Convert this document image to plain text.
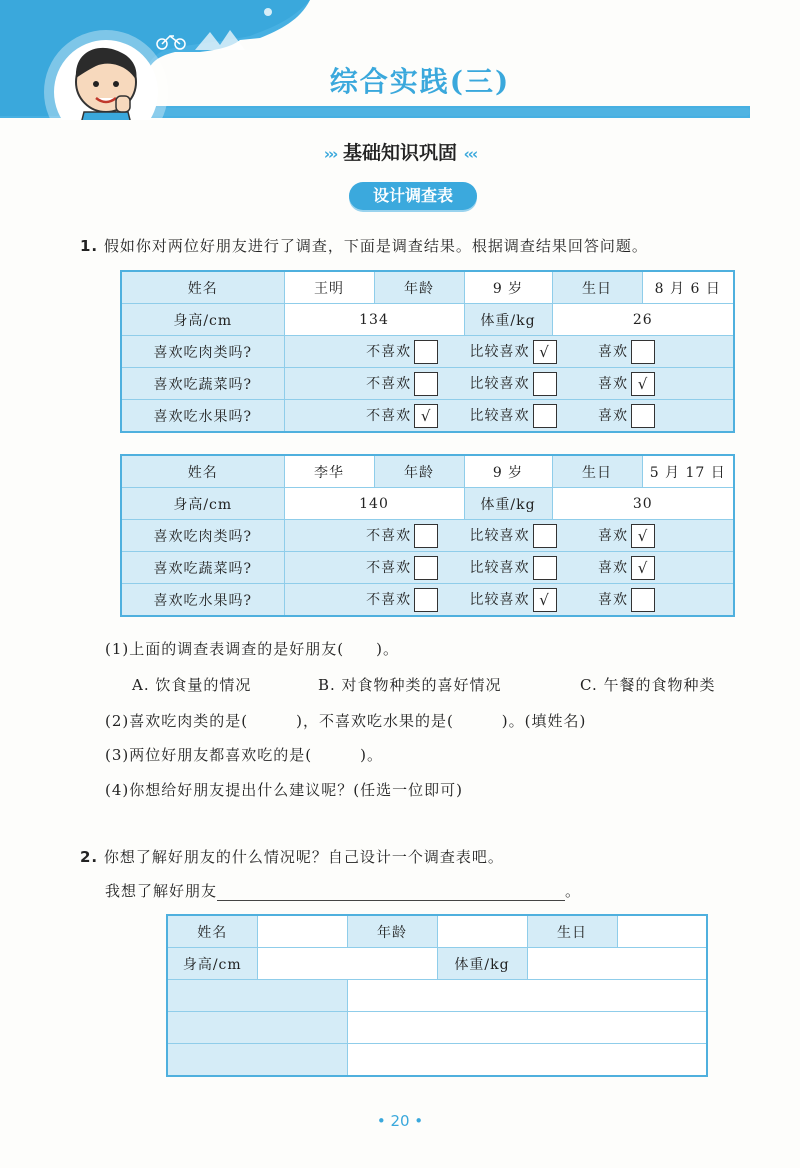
综合实践(三)
››› 基础知识巩固 ‹‹‹
设计调查表
1. 假如你对两位好朋友进行了调查，下面是调查结果。根据调查结果回答问题。
姓名	王明	年龄	9 岁	生日	8 月 6 日
身高/cm	134		体重/kg	26	
喜欢吃肉类吗?	不喜欢 比较喜欢 √ 喜欢				
喜欢吃蔬菜吗?	不喜欢 比较喜欢 喜欢 √				
喜欢吃水果吗?	不喜欢 √ 比较喜欢 喜欢				
姓名	李华	年龄	9 岁	生日	5 月 17 日
身高/cm	140		体重/kg	30	
喜欢吃肉类吗?	不喜欢 比较喜欢 喜欢 √				
喜欢吃蔬菜吗?	不喜欢 比较喜欢 喜欢 √				
喜欢吃水果吗?	不喜欢 比较喜欢 √ 喜欢				
(1)上面的调查表调查的是好朋友(　　)。
A. 饮食量的情况	B. 对食物种类的喜好情况	C. 午餐的食物种类
(2)喜欢吃肉类的是(　　　)，不喜欢吃水果的是(　　　)。(填姓名)
(3)两位好朋友都喜欢吃的是(　　　)。
(4)你想给好朋友提出什么建议呢？(任选一位即可)
2. 你想了解好朋友的什么情况呢？自己设计一个调查表吧。
我想了解好朋友	。
姓名		年龄		生日	
身高/cm			体重/kg		

• 20 •
